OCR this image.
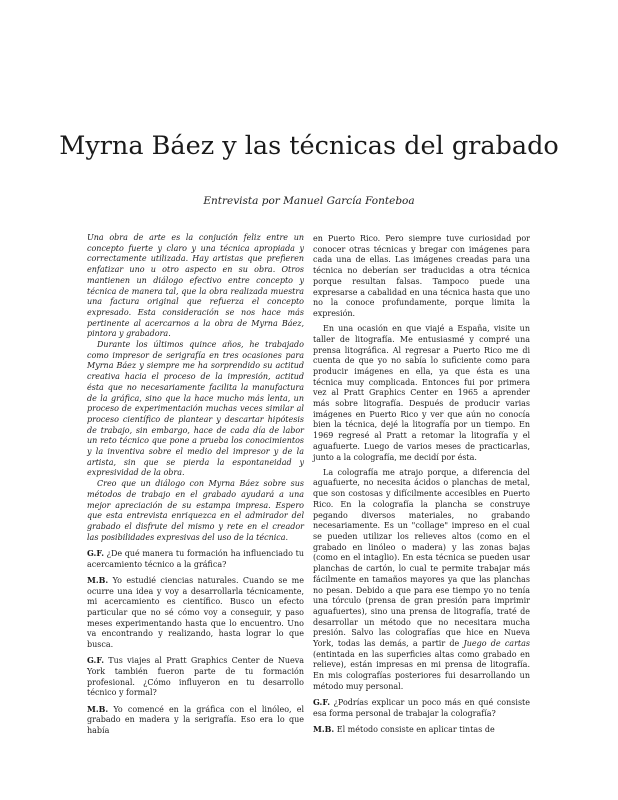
Myrna Báez y las técnicas del grabado
Entrevista por Manuel García Fonteboa

Una obra de arte es la conjución feliz entre un concepto fuerte y claro y una técnica apropiada y correctamente utilizada. Hay artistas que prefieren enfatizar uno u otro aspecto en su obra. Otros mantienen un diálogo efectivo entre concepto y técnica de manera tal, que la obra realizada muestra una factura original que refuerza el concepto expresado. Esta consideración se nos hace más pertinente al acercarnos a la obra de Myrna Báez, pintora y grabadora.

Durante los últimos quince años, he trabajado como impresor de serigrafía en tres ocasiones para Myrna Báez y siempre me ha sorprendido su actitud creativa hacia el proceso de la impresión, actitud ésta que no necesariamente facilita la manufactura de la gráfica, sino que la hace mucho más lenta, un proceso de experimentación muchas veces similar al proceso científico de plantear y descartar hipótesis de trabajo, sin embargo, hace de cada día de labor un reto técnico que pone a prueba los conocimientos y la inventiva sobre el medio del impresor y de la artista, sin que se pierda la espontaneidad y expresividad de la obra.

Creo que un diálogo con Myrna Báez sobre sus métodos de trabajo en el grabado ayudará a una mejor apreciación de su estampa impresa. Espero que esta entrevista enriquezca en el admirador del grabado el disfrute del mismo y rete en el creador las posibilidades expresivas del uso de la técnica.

G.F. ¿De qué manera tu formación ha influenciado tu acercamiento técnico a la gráfica?

M.B. Yo estudié ciencias naturales. Cuando se me ocurre una idea y voy a desarrollarla técnicamente, mi acercamiento es científico. Busco un efecto particular que no sé cómo voy a conseguir, y paso meses experimentando hasta que lo encuentro. Uno va encontrando y realizando, hasta lograr lo que busca.

G.F. Tus viajes al Pratt Graphics Center de Nueva York también fueron parte de tu formación profesional. ¿Cómo influyeron en tu desarrollo técnico y formal?

M.B. Yo comencé en la gráfica con el linóleo, el grabado en madera y la serigrafía. Eso era lo que había

en Puerto Rico. Pero siempre tuve curiosidad por conocer otras técnicas y bregar con imágenes para cada una de ellas. Las imágenes creadas para una técnica no deberían ser traducidas a otra técnica porque resultan falsas. Tampoco puede una expresarse a cabalidad en una técnica hasta que uno no la conoce profundamente, porque limita la expresión.

En una ocasión en que viajé a España, visite un taller de litografía. Me entusiasmé y compré una prensa litográfica. Al regresar a Puerto Rico me di cuenta de que yo no sabía lo suficiente como para producir imágenes en ella, ya que ésta es una técnica muy complicada. Entonces fui por primera vez al Pratt Graphics Center en 1965 a aprender más sobre litografía. Después de producir varias imágenes en Puerto Rico y ver que aún no conocía bien la técnica, dejé la litografía por un tiempo. En 1969 regresé al Pratt a retomar la litografía y el aguafuerte. Luego de varios meses de practicarlas, junto a la colografía, me decidí por ésta.

La colografía me atrajo porque, a diferencia del aguafuerte, no necesita ácidos o planchas de metal, que son costosas y difícilmente accesibles en Puerto Rico. En la colografía la plancha se construye pegando diversos materiales, no grabando necesariamente. Es un "collage" impreso en el cual se pueden utilizar los relieves altos (como en el grabado en linóleo o madera) y las zonas bajas (como en el intaglio). En esta técnica se pueden usar planchas de cartón, lo cual te permite trabajar más fácilmente en tamaños mayores ya que las planchas no pesan. Debido a que para ese tiempo yo no tenía una tórculo (prensa de gran presión para imprimir aguafuertes), sino una prensa de litografía, traté de desarrollar un método que no necesitara mucha presión. Salvo las colografías que hice en Nueva York, todas las demás, a partir de Juego de cartas (entintada en las superficies altas como grabado en relieve), están impresas en mi prensa de litografía. En mis colografías posteriores fui desarrollando un método muy personal.

G.F. ¿Podrías explicar un poco más en qué consiste esa forma personal de trabajar la colografía?

M.B. El método consiste en aplicar tintas de
